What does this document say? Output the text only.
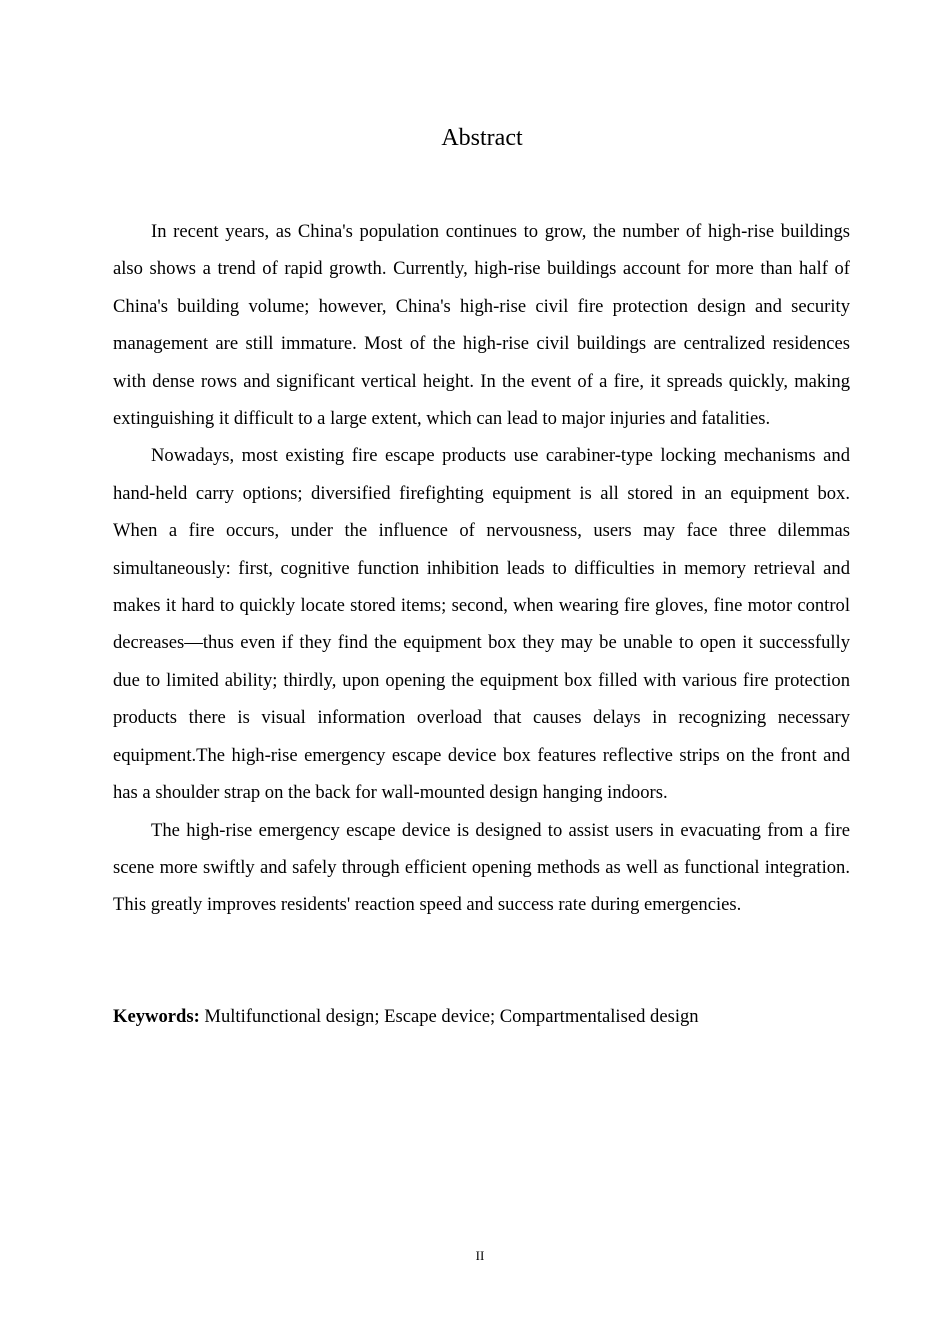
Abstract

In recent years, as China's population continues to grow, the number of high-rise buildings also shows a trend of rapid growth. Currently, high-rise buildings account for more than half of China's building volume; however, China's high-rise civil fire protection design and security management are still immature. Most of the high-rise civil buildings are centralized residences with dense rows and significant vertical height. In the event of a fire, it spreads quickly, making extinguishing it difficult to a large extent, which can lead to major injuries and fatalities.

Nowadays, most existing fire escape products use carabiner-type locking mechanisms and hand-held carry options; diversified firefighting equipment is all stored in an equipment box. When a fire occurs, under the influence of nervousness, users may face three dilemmas simultaneously: first, cognitive function inhibition leads to difficulties in memory retrieval and makes it hard to quickly locate stored items; second, when wearing fire gloves, fine motor control decreases—thus even if they find the equipment box they may be unable to open it successfully due to limited ability; thirdly, upon opening the equipment box filled with various fire protection products there is visual information overload that causes delays in recognizing necessary equipment.The high-rise emergency escape device box features reflective strips on the front and has a shoulder strap on the back for wall-mounted design hanging indoors.

The high-rise emergency escape device is designed to assist users in evacuating from a fire scene more swiftly and safely through efficient opening methods as well as functional integration. This greatly improves residents' reaction speed and success rate during emergencies.

Keywords: Multifunctional design; Escape device; Compartmentalised design

II
